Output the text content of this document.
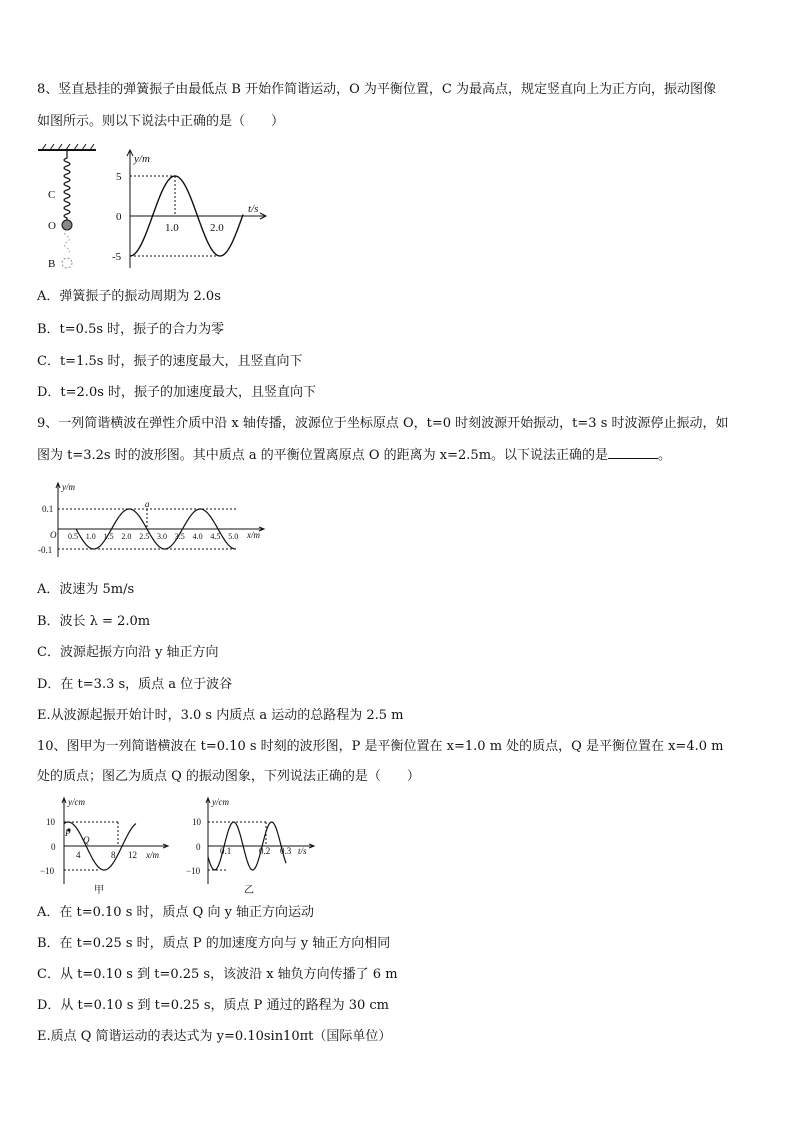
8、竖直悬挂的弹簧振子由最低点 B 开始作简谐运动，O 为平衡位置，C 为最高点，规定竖直向上为正方向，振动图像
如图所示。则以下说法中正确的是（　　）
C
O
B
y/m
t/s
5
0
-5
1.0	2.0
A．弹簧振子的振动周期为 2.0s
B．t=0.5s 时，振子的合力为零
C．t=1.5s 时，振子的速度最大，且竖直向下
D．t=2.0s 时，振子的加速度最大，且竖直向下
9、一列简谐横波在弹性介质中沿 x 轴传播，波源位于坐标原点 O，t=0 时刻波源开始振动，t=3 s 时波源停止振动，如
图为 t=3.2s 时的波形图。其中质点 a 的平衡位置离原点 O 的距离为 x=2.5m。以下说法正确的是	。
y/m
x/m
0.1
-0.1
O 0.5 1.0 1.5 2.0 2.5 3.0 3.5 4.0 4.5 5.0
a
A．波速为 5m/s
B．波长 λ = 2.0m
C．波源起振方向沿 y 轴正方向
D．在 t=3.3 s，质点 a 位于波谷
E.从波源起振开始计时，3.0 s 内质点 a 运动的总路程为 2.5 m
10、图甲为一列简谐横波在 t=0.10 s 时刻的波形图，P 是平衡位置在 x=1.0 m 处的质点，Q 是平衡位置在 x=4.0 m
处的质点；图乙为质点 Q 的振动图象，下列说法正确的是（　　）
y/cm
x/m
10
0
−10
4	8 12
P
Q
甲
y/cm
t/s
10
0
−10
0.1	0.2 0.3
乙
A．在 t=0.10 s 时，质点 Q 向 y 轴正方向运动
B．在 t=0.25 s 时，质点 P 的加速度方向与 y 轴正方向相同
C．从 t=0.10 s 到 t=0.25 s，该波沿 x 轴负方向传播了 6 m
D．从 t=0.10 s 到 t=0.25 s，质点 P 通过的路程为 30 cm
E.质点 Q 简谐运动的表达式为 y=0.10sin10πt（国际单位）
